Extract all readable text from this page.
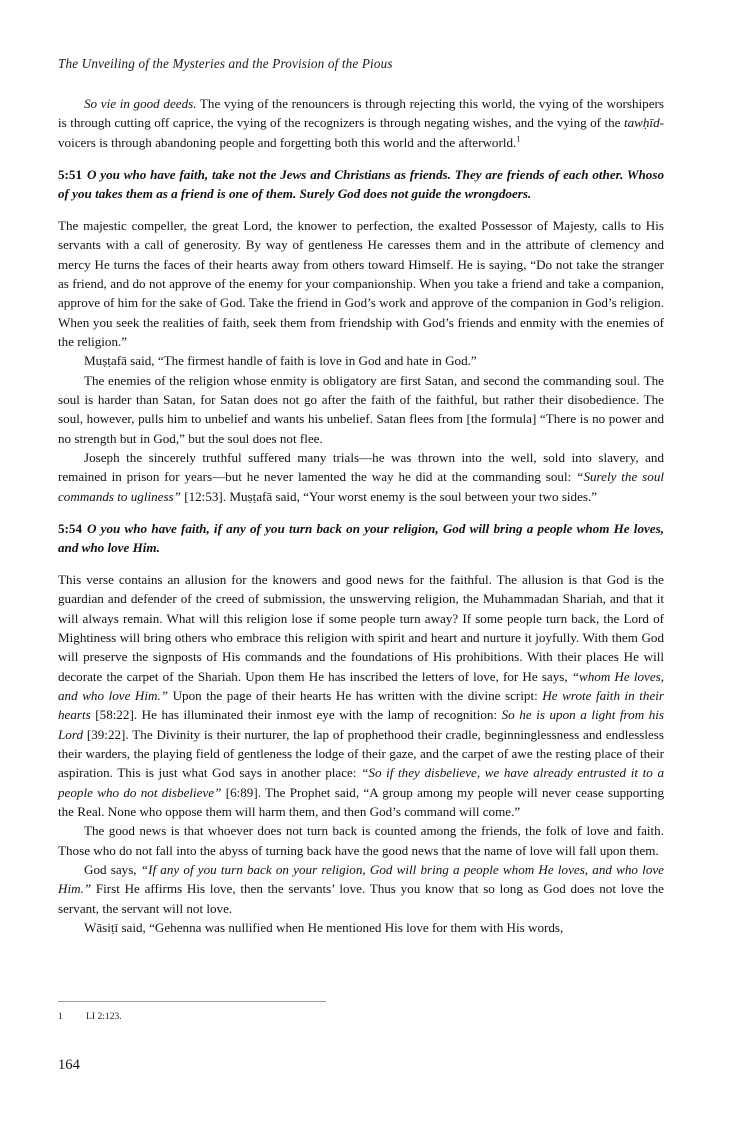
The Unveiling of the Mysteries and the Provision of the Pious

So vie in good deeds. The vying of the renouncers is through rejecting this world, the vying of the worshipers is through cutting off caprice, the vying of the recognizers is through negating wishes, and the vying of the tawḥīd-voicers is through abandoning people and forgetting both this world and the afterworld.$^1$

5:51 O you who have faith, take not the Jews and Christians as friends. They are friends of each other. Whoso of you takes them as a friend is one of them. Surely God does not guide the wrongdoers.

The majestic compeller, the great Lord, the knower to perfection, the exalted Possessor of Majesty, calls to His servants with a call of generosity. By way of gentleness He caresses them and in the attribute of clemency and mercy He turns the faces of their hearts away from others toward Himself. He is saying, “Do not take the stranger as friend, and do not approve of the enemy for your companionship. When you take a friend and take a companion, approve of him for the sake of God. Take the friend in God’s work and approve of the companion in God’s religion. When you seek the realities of faith, seek them from friendship with God’s friends and enmity with the enemies of the religion.”

Muṣṭafā said, “The firmest handle of faith is love in God and hate in God.”

The enemies of the religion whose enmity is obligatory are first Satan, and second the commanding soul. The soul is harder than Satan, for Satan does not go after the faith of the faithful, but rather their disobedience. The soul, however, pulls him to unbelief and wants his unbelief. Satan flees from [the formula] “There is no power and no strength but in God,” but the soul does not flee.

Joseph the sincerely truthful suffered many trials—he was thrown into the well, sold into slavery, and remained in prison for years—but he never lamented the way he did at the commanding soul: “Surely the soul commands to ugliness” [12:53]. Muṣṭafā said, “Your worst enemy is the soul between your two sides.”

5:54 O you who have faith, if any of you turn back on your religion, God will bring a people whom He loves, and who love Him.

This verse contains an allusion for the knowers and good news for the faithful. The allusion is that God is the guardian and defender of the creed of submission, the unswerving religion, the Muhammadan Shariah, and that it will always remain. What will this religion lose if some people turn away? If some people turn back, the Lord of Mightiness will bring others who embrace this religion with spirit and heart and nurture it joyfully. With them God will preserve the signposts of His commands and the foundations of His prohibitions. With their places He will decorate the carpet of the Shariah. Upon them He has inscribed the letters of love, for He says, “whom He loves, and who love Him.” Upon the page of their hearts He has written with the divine script: He wrote faith in their hearts [58:22]. He has illuminated their inmost eye with the lamp of recognition: So he is upon a light from his Lord [39:22]. The Divinity is their nurturer, the lap of prophethood their cradle, beginninglessness and endlessless their warders, the playing field of gentleness the lodge of their gaze, and the carpet of awe the resting place of their aspiration. This is just what God says in another place: “So if they disbelieve, we have already entrusted it to a people who do not disbelieve” [6:89]. The Prophet said, “A group among my people will never cease supporting the Real. None who oppose them will harm them, and then God’s command will come.”

The good news is that whoever does not turn back is counted among the friends, the folk of love and faith. Those who do not fall into the abyss of turning back have the good news that the name of love will fall upon them.

God says, “If any of you turn back on your religion, God will bring a people whom He loves, and who love Him.” First He affirms His love, then the servants’ love. Thus you know that so long as God does not love the servant, the servant will not love.

Wāsiṭī said, “Gehenna was nullified when He mentioned His love for them with His words,

1 LI 2:123.
164
